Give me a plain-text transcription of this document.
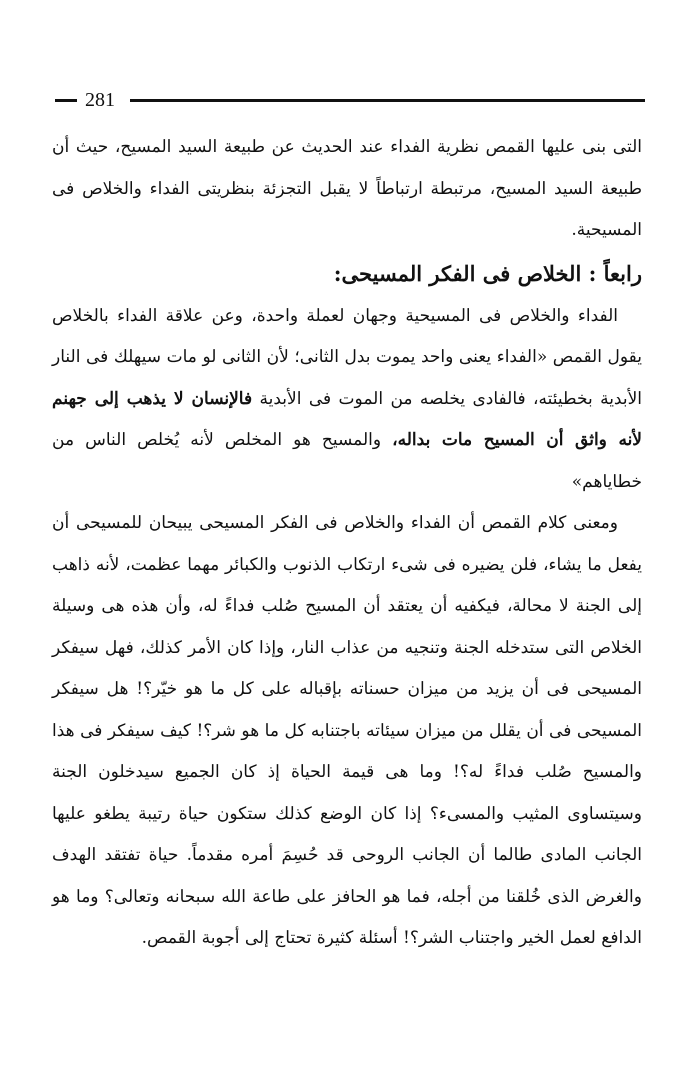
281

التى بنى عليها القمص نظرية الفداء عند الحديث عن طبيعة السيد المسيح، حيث أن طبيعة السيد المسيح، مرتبطة ارتباطاً لا يقبل التجزئة بنظريتى الفداء والخلاص فى المسيحية.

رابعاً : الخلاص فى الفكر المسيحى:

الفداء والخلاص فى المسيحية وجهان لعملة واحدة، وعن علاقة الفداء بالخلاص يقول القمص «الفداء يعنى واحد يموت بدل الثانى؛ لأن الثانى لو مات سيهلك فى النار الأبدية بخطيئته، فالفادى يخلصه من الموت فى الأبدية فالإنسان لا يذهب إلى جهنم لأنه واثق أن المسيح مات بداله، والمسيح هو المخلص لأنه يُخلص الناس من خطاياهم»

ومعنى كلام القمص أن الفداء والخلاص فى الفكر المسيحى يبيحان للمسيحى أن يفعل ما يشاء، فلن يضيره فى شىء ارتكاب الذنوب والكبائر مهما عظمت، لأنه ذاهب إلى الجنة لا محالة، فيكفيه أن يعتقد أن المسيح صُلب فداءً له، وأن هذه هى وسيلة الخلاص التى ستدخله الجنة وتنجيه من عذاب النار، وإذا كان الأمر كذلك، فهل سيفكر المسيحى فى أن يزيد من ميزان حسناته بإقباله على كل ما هو خيّر؟! هل سيفكر المسيحى فى أن يقلل من ميزان سيئاته باجتنابه كل ما هو شر؟! كيف سيفكر فى هذا والمسيح صُلب فداءً له؟! وما هى قيمة الحياة إذ كان الجميع سيدخلون الجنة وسيتساوى المثيب والمسىء؟ إذا كان الوضع كذلك ستكون حياة رتيبة يطغو عليها الجانب المادى طالما أن الجانب الروحى قد حُسِمَ أمره مقدماً. حياة تفتقد الهدف والغرض الذى خُلقنا من أجله، فما هو الحافز على طاعة الله سبحانه وتعالى؟ وما هو الدافع لعمل الخير واجتناب الشر؟! أسئلة كثيرة تحتاج إلى أجوبة القمص.
